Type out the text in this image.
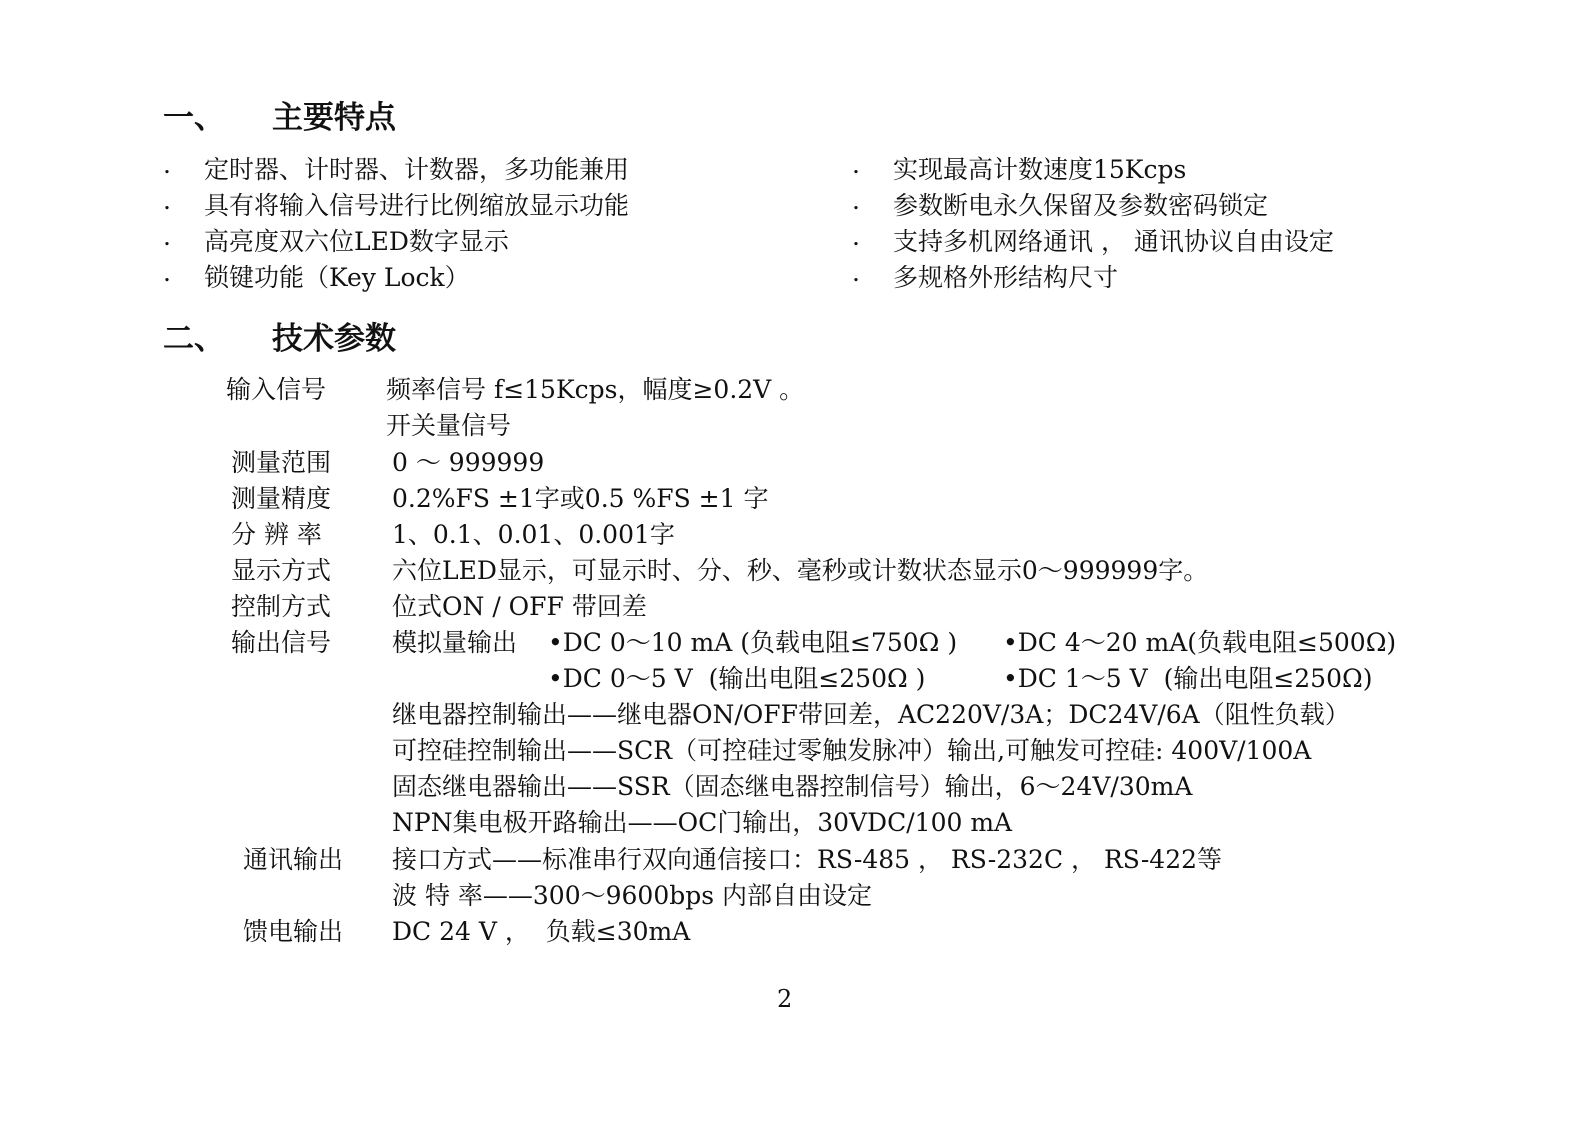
一、 主要特点
. 定时器、计时器、计数器，多功能兼用
. 具有将输入信号进行比例缩放显示功能
. 高亮度双六位LED数字显示
. 锁键功能（Key Lock）
. 实现最高计数速度15Kcps
. 参数断电永久保留及参数密码锁定
. 支持多机网络通讯 ， 通讯协议自由设定
. 多规格外形结构尺寸
二、 技术参数
输入信号 频率信号 f≤15Kcps，幅度≥0.2V 。
开关量信号
测量范围 0 ～ 999999
测量精度 0.2%FS ±1字或0.5 %FS ±1 字
分 辨 率	1、0.1、0.01、0.001字
显示方式 六位LED显示，可显示时、分、秒、毫秒或计数状态显示0～999999字。
控制方式 位式ON / OFF 带回差
输出信号 模拟量输出 •DC 0～10 mA (负载电阻≤750Ω ) •DC 4～20 mA(负载电阻≤500Ω)
•DC 0～5 V  (输出电阻≤250Ω )	•DC 1～5 V  (输出电阻≤250Ω)
继电器控制输出——继电器ON/OFF带回差，AC220V/3A；DC24V/6A（阻性负载）
可控硅控制输出——SCR（可控硅过零触发脉冲）输出,可触发可控硅: 400V/100A
固态继电器输出——SSR（固态继电器控制信号）输出，6～24V/30mA
NPN集电极开路输出——OC门输出，30VDC/100 mA
通讯输出 接口方式——标准串行双向通信接口：RS-485 ， RS-232C ， RS-422等
波 特 率——300～9600bps 内部自由设定
馈电输出 DC 24 V ，  负载≤30mA
2
